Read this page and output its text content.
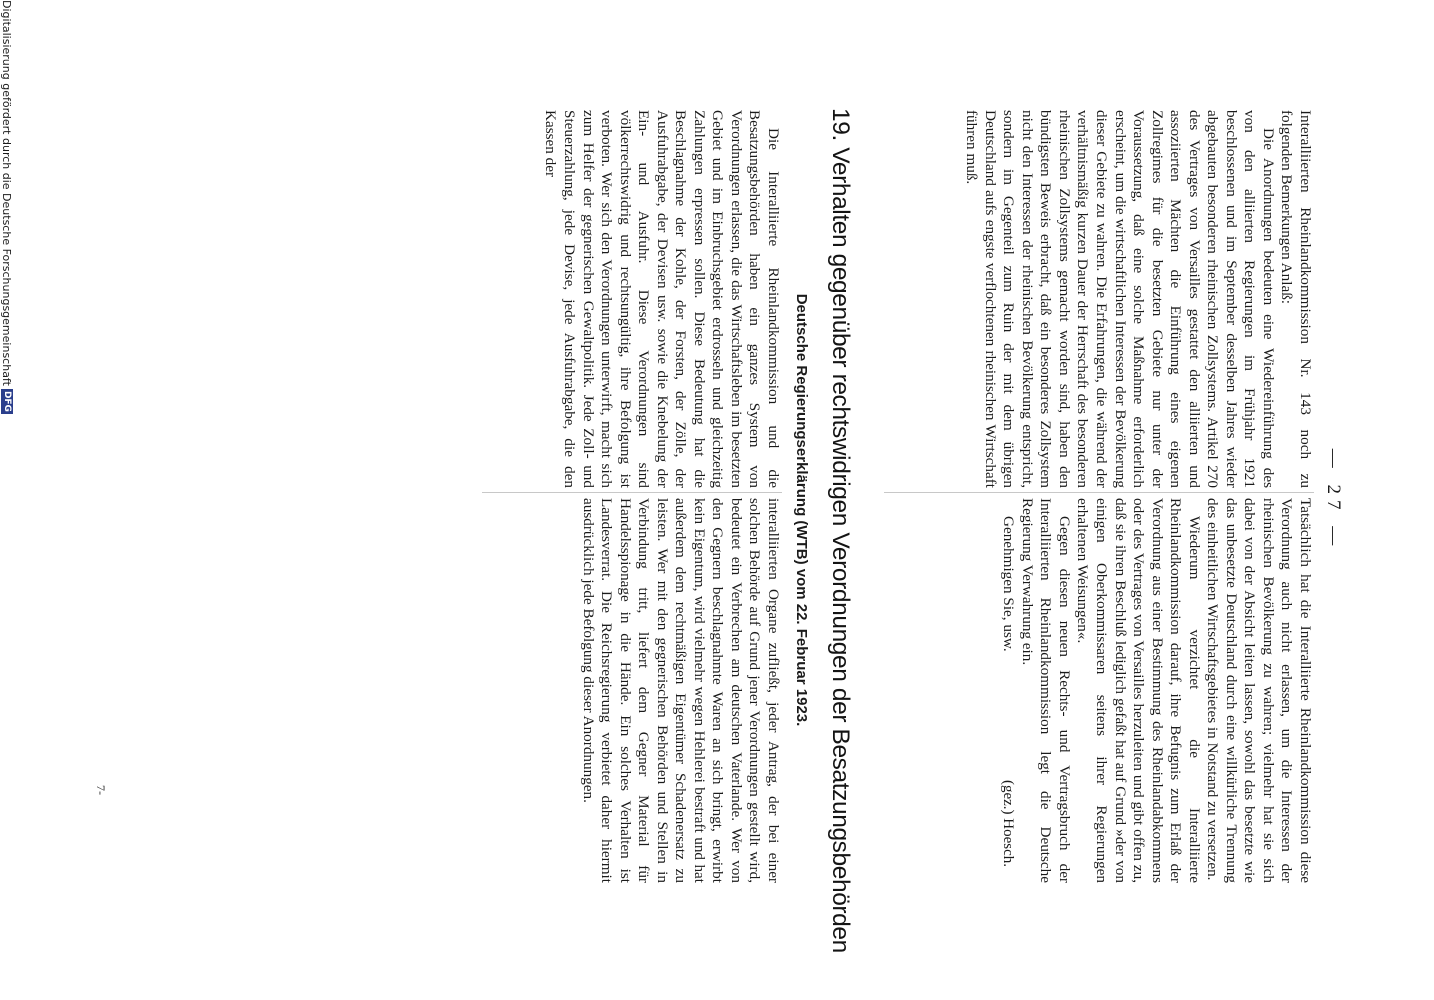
— 27 —

Interalliierten Rheinlandkommission Nr. 143 noch zu folgenden Bemerkungen Anlaß:

Die Anordnungen bedeuten eine Wiedereinführung des von den alliierten Regierungen im Frühjahr 1921 beschlossenen und im September desselben Jahres wieder abgebauten besonderen rheinischen Zollsystems. Artikel 270 des Vertrages von Versailles gestattet den alliierten und assoziierten Mächten die Einführung eines eigenen Zollregimes für die besetzten Gebiete nur unter der Voraussetzung, daß eine solche Maßnahme erforderlich erscheint, um die wirtschaftlichen Interessen der Bevölkerung dieser Gebiete zu wahren. Die Erfahrungen, die während der verhältnismäßig kurzen Dauer der Herrschaft des besonderen rheinischen Zollsystems gemacht worden sind, haben den bündigsten Beweis erbracht, daß ein besonderes Zollsystem nicht den Interessen der rheinischen Bevölkerung entspricht, sondern im Gegenteil zum Ruin der mit dem übrigen Deutschland aufs engste verflochtenen rheinischen Wirtschaft führen muß.

Tatsächlich hat die Interalliierte Rheinlandkommission diese Verordnung auch nicht erlassen, um die Interessen der rheinischen Bevölkerung zu wahren; vielmehr hat sie sich dabei von der Absicht leiten lassen, sowohl das besetzte wie das unbesetzte Deutschland durch eine willkürliche Trennung des einheitlichen Wirtschaftsgebietes in Notstand zu versetzen.

Wiederum verzichtet die Interalliierte Rheinlandkommission darauf, ihre Befugnis zum Erlaß der Verordnung aus einer Bestimmung des Rheinlandabkommens oder des Vertrages von Versailles herzuleiten und gibt offen zu, daß sie ihren Beschluß lediglich gefaßt hat auf Grund »der von einigen Oberkommissaren seitens ihrer Regierungen erhaltenen Weisungen«.

Gegen diesen neuen Rechts- und Vertragsbruch der Interalliierten Rheinlandkommission legt die Deutsche Regierung Verwahrung ein.

Genehmigen Sie, usw.

(gez.) Hoesch.
19. Verhalten gegenüber rechtswidrigen Verordnungen der Besatzungsbehörden
Deutsche Regierungserklärung (WTB) vom 22. Februar 1923.

Die Interalliierte Rheinlandkommission und die Besatzungsbehörden haben ein ganzes System von Verordnungen erlassen, die das Wirtschaftsleben im besetzten Gebiet und im Einbruchsgebiet erdrosseln und gleichzeitig Zahlungen erpressen sollen. Diese Bedeutung hat die Beschlagnahme der Kohle, der Forsten, der Zölle, der Ausfuhrabgabe, der Devisen usw. sowie die Knebelung der Ein- und Ausfuhr. Diese Verordnungen sind völkerrechtswidrig und rechtsungültig, ihre Befolgung ist verboten. Wer sich den Verordnungen unterwirft, macht sich zum Helfer der gegnerischen Gewaltpolitik. Jede Zoll- und Steuerzahlung, jede Devise, jede Ausfuhrabgabe, die den Kassen der

interalliierten Organe zufließt, jeder Antrag, der bei einer solchen Behörde auf Grund jener Verordnungen gestellt wird, bedeutet ein Verbrechen am deutschen Vaterlande. Wer von den Gegnern beschlagnahmte Waren an sich bringt, erwirbt kein Eigentum, wird vielmehr wegen Hehlerei bestraft und hat außerdem dem rechtmäßigen Eigentümer Schadenersatz zu leisten. Wer mit den gegnerischen Behörden und Stellen in Verbindung tritt, liefert dem Gegner Material für Handelsspionage in die Hände. Ein solches Verhalten ist Landesverrat. Die Reichsregierung verbietet daher hiermit ausdrücklich jede Befolgung dieser Anordnungen.

7-
Digitalisierung gefördert durch die Deutsche Forschungsgemeinschaft
DFG
